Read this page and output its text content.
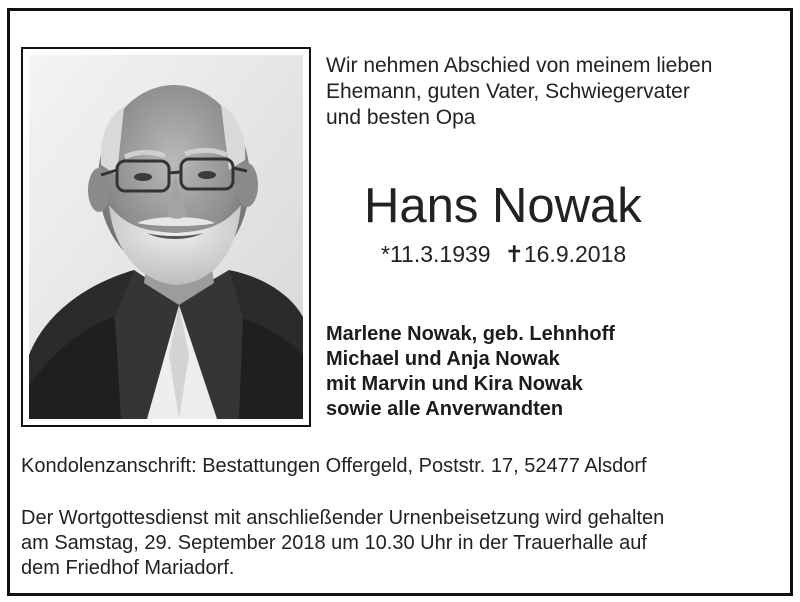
Wir nehmen Abschied von meinem lieben
Ehemann, guten Vater, Schwiegervater
und besten Opa
Hans Nowak
*11.3.1939 ✝16.9.2018
Marlene Nowak, geb. Lehnhoff
Michael und Anja Nowak
mit Marvin und Kira Nowak
sowie alle Anverwandten
Kondolenzanschrift: Bestattungen Offergeld, Poststr. 17, 52477 Alsdorf
Der Wortgottesdienst mit anschließender Urnenbeisetzung wird gehalten
am Samstag, 29. September 2018 um 10.30 Uhr in der Trauerhalle auf
dem Friedhof Mariadorf.
